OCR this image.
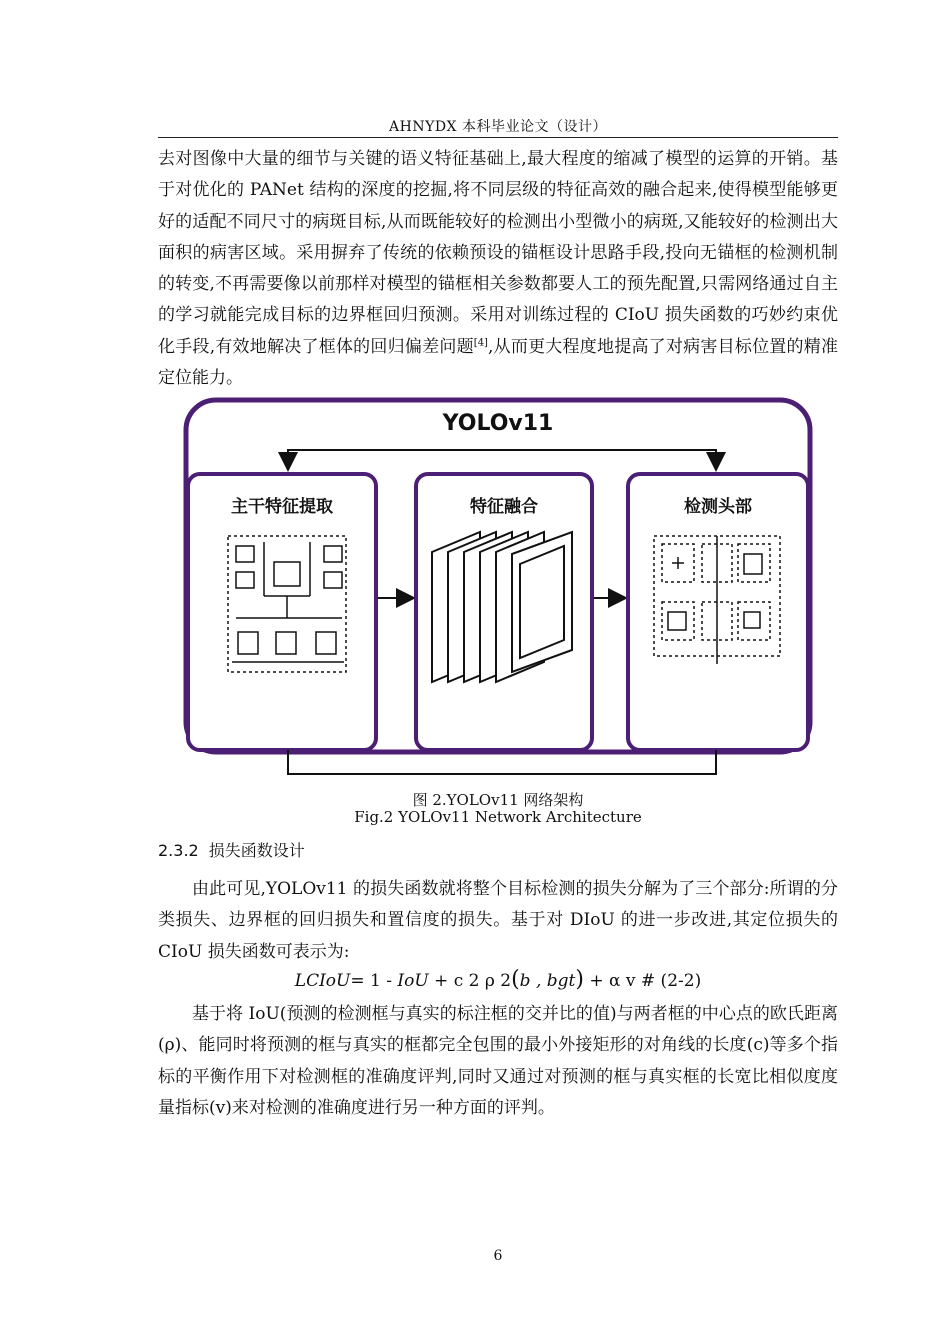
AHNYDX 本科毕业论文（设计）

去对图像中大量的细节与关键的语义特征基础上,最大程度的缩减了模型的运算的开销。基于对优化的 PANet 结构的深度的挖掘,将不同层级的特征高效的融合起来,使得模型能够更好的适配不同尺寸的病斑目标,从而既能较好的检测出小型微小的病斑,又能较好的检测出大面积的病害区域。采用摒弃了传统的依赖预设的锚框设计思路手段,投向无锚框的检测机制的转变,不再需要像以前那样对模型的锚框相关参数都要人工的预先配置,只需网络通过自主的学习就能完成目标的边界框回归预测。采用对训练过程的 CIoU 损失函数的巧妙约束优化手段,有效地解决了框体的回归偏差问题[4],从而更大程度地提高了对病害目标位置的精准定位能力。

YOLOv11
主干特征提取	特征融合	检测头部
图 2.YOLOv11 网络架构
Fig.2 YOLOv11 Network Architecture
2.3.2 损失函数设计

由此可见,YOLOv11 的损失函数就将整个目标检测的损失分解为了三个部分:所谓的分类损失、边界框的回归损失和置信度的损失。基于对 DIoU 的进一步改进,其定位损失的 CIoU 损失函数可表示为:

LCIoU= 1 - IoU + c 2 ρ 2(b , bgt) + α v # (2-2)

基于将 IoU(预测的检测框与真实的标注框的交并比的值)与两者框的中心点的欧氏距离(ρ)、能同时将预测的框与真实的框都完全包围的最小外接矩形的对角线的长度(c)等多个指标的平衡作用下对检测框的准确度评判,同时又通过对预测的框与真实框的长宽比相似度度量指标(v)来对检测的准确度进行另一种方面的评判。

6
